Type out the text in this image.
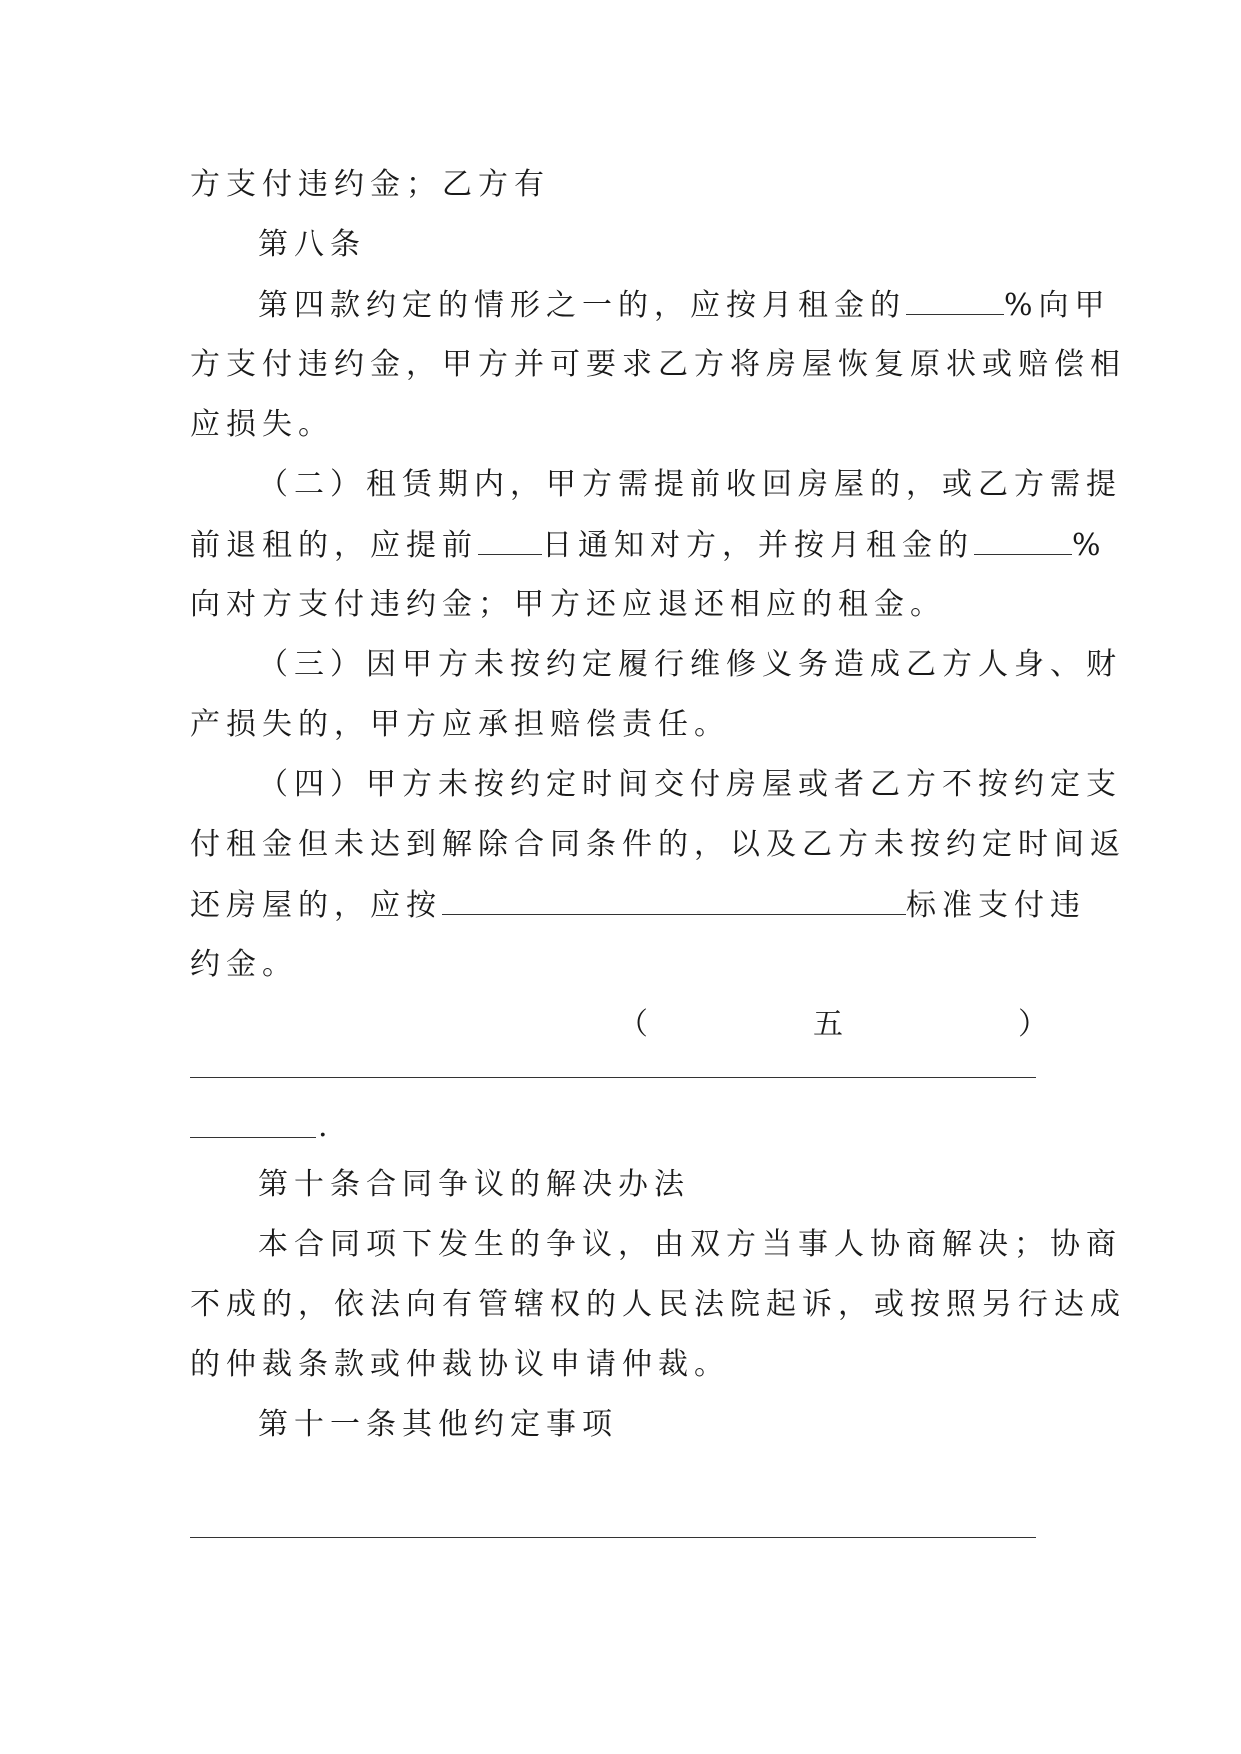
方支付违约金；乙方有

第八条

第四款约定的情形之一的，应按月租金的	%向甲

方支付违约金，甲方并可要求乙方将房屋恢复原状或赔偿相

应损失。

（二）租赁期内，甲方需提前收回房屋的，或乙方需提

前退租的，应提前 日通知对方，并按月租金的	%

向对方支付违约金；甲方还应退还相应的租金。

（三）因甲方未按约定履行维修义务造成乙方人身、财

产损失的，甲方应承担赔偿责任。

（四）甲方未按约定时间交付房屋或者乙方不按约定支

付租金但未达到解除合同条件的，以及乙方未按约定时间返

还房屋的，应按	标准支付违

约金。

（	五	）

.

第十条合同争议的解决办法

本合同项下发生的争议，由双方当事人协商解决；协商

不成的，依法向有管辖权的人民法院起诉，或按照另行达成

的仲裁条款或仲裁协议申请仲裁。

第十一条其他约定事项
